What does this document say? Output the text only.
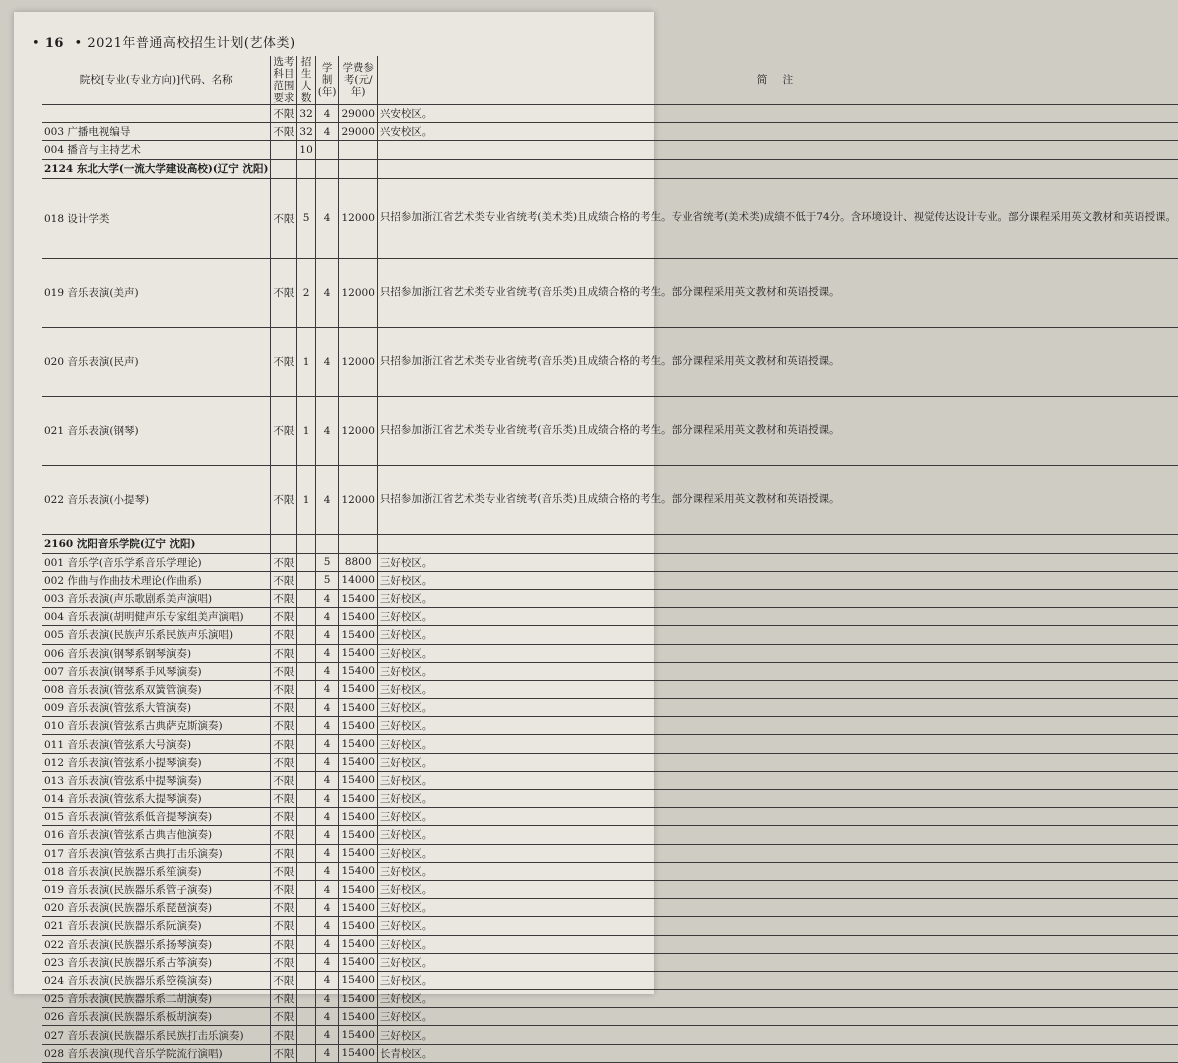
• 16 • 2021年普通高校招生计划(艺体类)
院校[专业(专业方向)]代码、名称	选考科目范围要求	招生人数	学制(年)	学费参考(元/年)	简 注
	不限	32	4	29000	兴安校区。
003 广播电视编导	不限	32	4	29000	兴安校区。
004 播音与主持艺术		10			
2124 东北大学(一流大学建设高校)(辽宁 沈阳)					
018 设计学类	不限	5	4	12000	只招参加浙江省艺术类专业省统考(美术类)且成绩合格的考生。专业省统考(美术类)成绩不低于74分。含环境设计、视觉传达设计专业。部分课程采用英文教材和英语授课。
019 音乐表演(美声)	不限	2	4	12000	只招参加浙江省艺术类专业省统考(音乐类)且成绩合格的考生。部分课程采用英文教材和英语授课。
020 音乐表演(民声)	不限	1	4	12000	只招参加浙江省艺术类专业省统考(音乐类)且成绩合格的考生。部分课程采用英文教材和英语授课。
021 音乐表演(钢琴)	不限	1	4	12000	只招参加浙江省艺术类专业省统考(音乐类)且成绩合格的考生。部分课程采用英文教材和英语授课。
022 音乐表演(小提琴)	不限	1	4	12000	只招参加浙江省艺术类专业省统考(音乐类)且成绩合格的考生。部分课程采用英文教材和英语授课。
2160 沈阳音乐学院(辽宁 沈阳)					
001 音乐学(音乐学系音乐学理论)	不限		5	8800	三好校区。
002 作曲与作曲技术理论(作曲系)	不限		5	14000	三好校区。
003 音乐表演(声乐歌剧系美声演唱)	不限		4	15400	三好校区。
004 音乐表演(胡明健声乐专家组美声演唱)	不限		4	15400	三好校区。
005 音乐表演(民族声乐系民族声乐演唱)	不限		4	15400	三好校区。
006 音乐表演(钢琴系钢琴演奏)	不限		4	15400	三好校区。
007 音乐表演(钢琴系手风琴演奏)	不限		4	15400	三好校区。
008 音乐表演(管弦系双簧管演奏)	不限		4	15400	三好校区。
009 音乐表演(管弦系大管演奏)	不限		4	15400	三好校区。
010 音乐表演(管弦系古典萨克斯演奏)	不限		4	15400	三好校区。
011 音乐表演(管弦系大号演奏)	不限		4	15400	三好校区。
012 音乐表演(管弦系小提琴演奏)	不限		4	15400	三好校区。
013 音乐表演(管弦系中提琴演奏)	不限		4	15400	三好校区。
014 音乐表演(管弦系大提琴演奏)	不限		4	15400	三好校区。
015 音乐表演(管弦系低音提琴演奏)	不限		4	15400	三好校区。
016 音乐表演(管弦系古典吉他演奏)	不限		4	15400	三好校区。
017 音乐表演(管弦系古典打击乐演奏)	不限		4	15400	三好校区。
018 音乐表演(民族器乐系笙演奏)	不限		4	15400	三好校区。
019 音乐表演(民族器乐系管子演奏)	不限		4	15400	三好校区。
020 音乐表演(民族器乐系琵琶演奏)	不限		4	15400	三好校区。
021 音乐表演(民族器乐系阮演奏)	不限		4	15400	三好校区。
022 音乐表演(民族器乐系扬琴演奏)	不限		4	15400	三好校区。
023 音乐表演(民族器乐系古筝演奏)	不限		4	15400	三好校区。
024 音乐表演(民族器乐系箜篌演奏)	不限		4	15400	三好校区。
025 音乐表演(民族器乐系二胡演奏)	不限		4	15400	三好校区。
026 音乐表演(民族器乐系板胡演奏)	不限		4	15400	三好校区。
027 音乐表演(民族器乐系民族打击乐演奏)	不限		4	15400	三好校区。
028 音乐表演(现代音乐学院流行演唱)	不限		4	15400	长青校区。
